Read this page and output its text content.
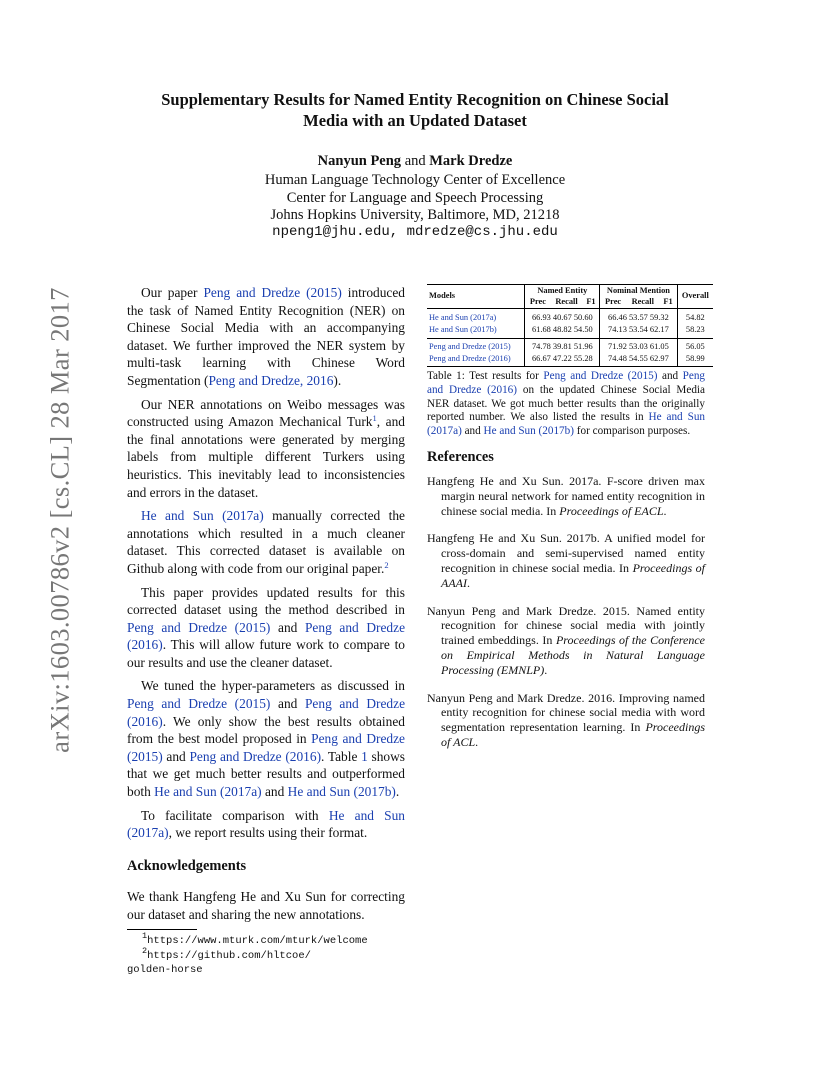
arXiv:1603.00786v2 [cs.CL] 28 Mar 2017
Supplementary Results for Named Entity Recognition on Chinese Social
Media with an Updated Dataset
Nanyun Peng and Mark Dredze
Human Language Technology Center of Excellence
Center for Language and Speech Processing
Johns Hopkins University, Baltimore, MD, 21218
npeng1@jhu.edu, mdredze@cs.jhu.edu

Our paper Peng and Dredze (2015) introduced the task of Named Entity Recognition (NER) on Chinese Social Media with an accompanying dataset. We further improved the NER system by multi-task learning with Chinese Word Segmentation (Peng and Dredze, 2016).

Our NER annotations on Weibo messages was constructed using Amazon Mechanical Turk$^1$, and the final annotations were generated by merging labels from multiple different Turkers using heuristics. This inevitably lead to inconsistencies and errors in the dataset.

He and Sun (2017a) manually corrected the annotations which resulted in a much cleaner dataset. This corrected dataset is available on Github along with code from our original paper.$^2$

This paper provides updated results for this corrected dataset using the method described in Peng and Dredze (2015) and Peng and Dredze (2016). This will allow future work to compare to our results and use the cleaner dataset.

We tuned the hyper-parameters as discussed in Peng and Dredze (2015) and Peng and Dredze (2016). We only show the best results obtained from the best model proposed in Peng and Dredze (2015) and Peng and Dredze (2016). Table 1 shows that we get much better results and outperformed both He and Sun (2017a) and He and Sun (2017b).

To facilitate comparison with He and Sun (2017a), we report results using their format.

Acknowledgements

We thank Hangfeng He and Xu Sun for correcting our dataset and sharing the new annotations.

$^1$https://www.mturk.com/mturk/welcome
$^2$https://github.com/hltcoe/
golden-horse
Models	Named Entity			Nominal Mention			Overall
	Prec	Recall	F1	Prec	Recall	F1	
He and Sun (2017a)	66.93 40.67 50.60			66.46 53.57 59.32			54.82
He and Sun (2017b)	61.68 48.82 54.50			74.13 53.54 62.17			58.23
Peng and Dredze (2015)	74.78 39.81 51.96			71.92 53.03 61.05			56.05
Peng and Dredze (2016)	66.67 47.22 55.28			74.48 54.55 62.97			58.99
Table 1: Test results for Peng and Dredze (2015) and Peng and Dredze (2016) on the updated Chinese Social Media NER dataset. We got much better results than the originally reported number. We also listed the results in He and Sun (2017a) and He and Sun (2017b) for comparison purposes.
References
Hangfeng He and Xu Sun. 2017a. F-score driven max margin neural network for named entity recognition in chinese social media. In Proceedings of EACL.
Hangfeng He and Xu Sun. 2017b. A unified model for cross-domain and semi-supervised named entity recognition in chinese social media. In Proceedings of AAAI.
Nanyun Peng and Mark Dredze. 2015. Named entity recognition for chinese social media with jointly trained embeddings. In Proceedings of the Conference on Empirical Methods in Natural Language Processing (EMNLP).
Nanyun Peng and Mark Dredze. 2016. Improving named entity recognition for chinese social media with word segmentation representation learning. In Proceedings of ACL.
